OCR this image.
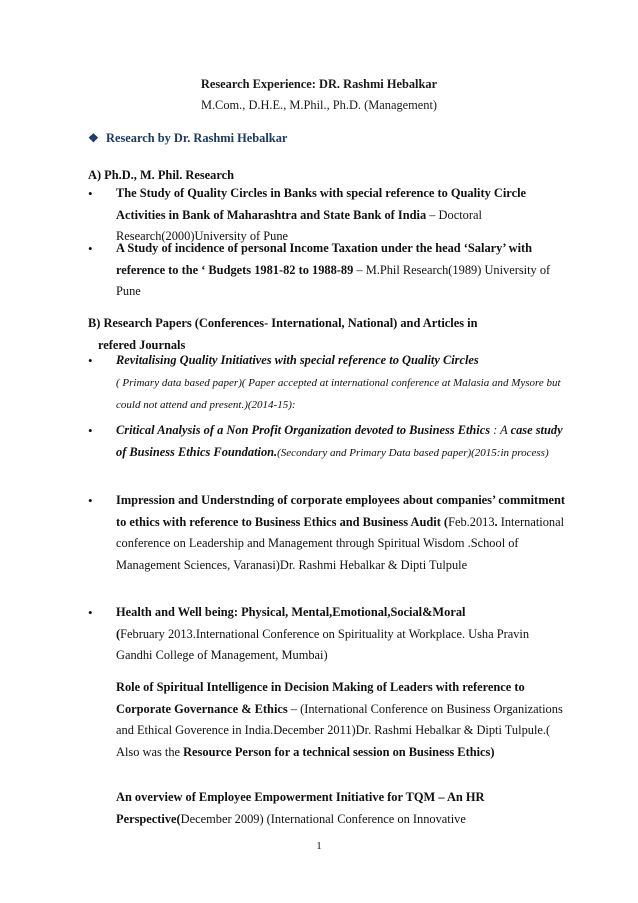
Research Experience: DR. Rashmi Hebalkar
M.Com., D.H.E., M.Phil., Ph.D. (Management)
❖ Research by Dr. Rashmi Hebalkar
A) Ph.D., M. Phil. Research
•
The Study of Quality Circles in Banks with special reference to Quality Circle Activities in Bank of Maharashtra and State Bank of India – Doctoral Research(2000)University of Pune
•
A Study of incidence of personal Income Taxation under the head ‘Salary’ with reference to the ‘ Budgets 1981-82 to 1988-89 – M.Phil Research(1989) University of Pune
B) Research Papers (Conferences- International, National) and Articles in
refered Journals
•
Revitalising Quality Initiatives with special reference to Quality Circles
( Primary data based paper)( Paper accepted at international conference at Malasia and Mysore but could not attend and present.)(2014-15):
•
Critical Analysis of a Non Profit Organization devoted to Business Ethics : A case study of Business Ethics Foundation.(Secondary and Primary Data based paper)(2015:in process)
•
Impression and Understnding of corporate employees about companies’ commitment to ethics with reference to Business Ethics and Business Audit (Feb.2013. International conference on Leadership and Management through Spiritual Wisdom .School of Management Sciences, Varanasi)Dr. Rashmi Hebalkar & Dipti Tulpule
•
Health and Well being: Physical, Mental,Emotional,Social&Moral
(February 2013.International Conference on Spirituality at Workplace. Usha Pravin Gandhi College of Management, Mumbai)
Role of Spiritual Intelligence in Decision Making of Leaders with reference to Corporate Governance & Ethics – (International Conference on Business Organizations and Ethical Goverence in India.December 2011)Dr. Rashmi Hebalkar & Dipti Tulpule.( Also was the Resource Person for a technical session on Business Ethics)
An overview of Employee Empowerment Initiative for TQM – An HR Perspective(December 2009) (International Conference on Innovative
1
